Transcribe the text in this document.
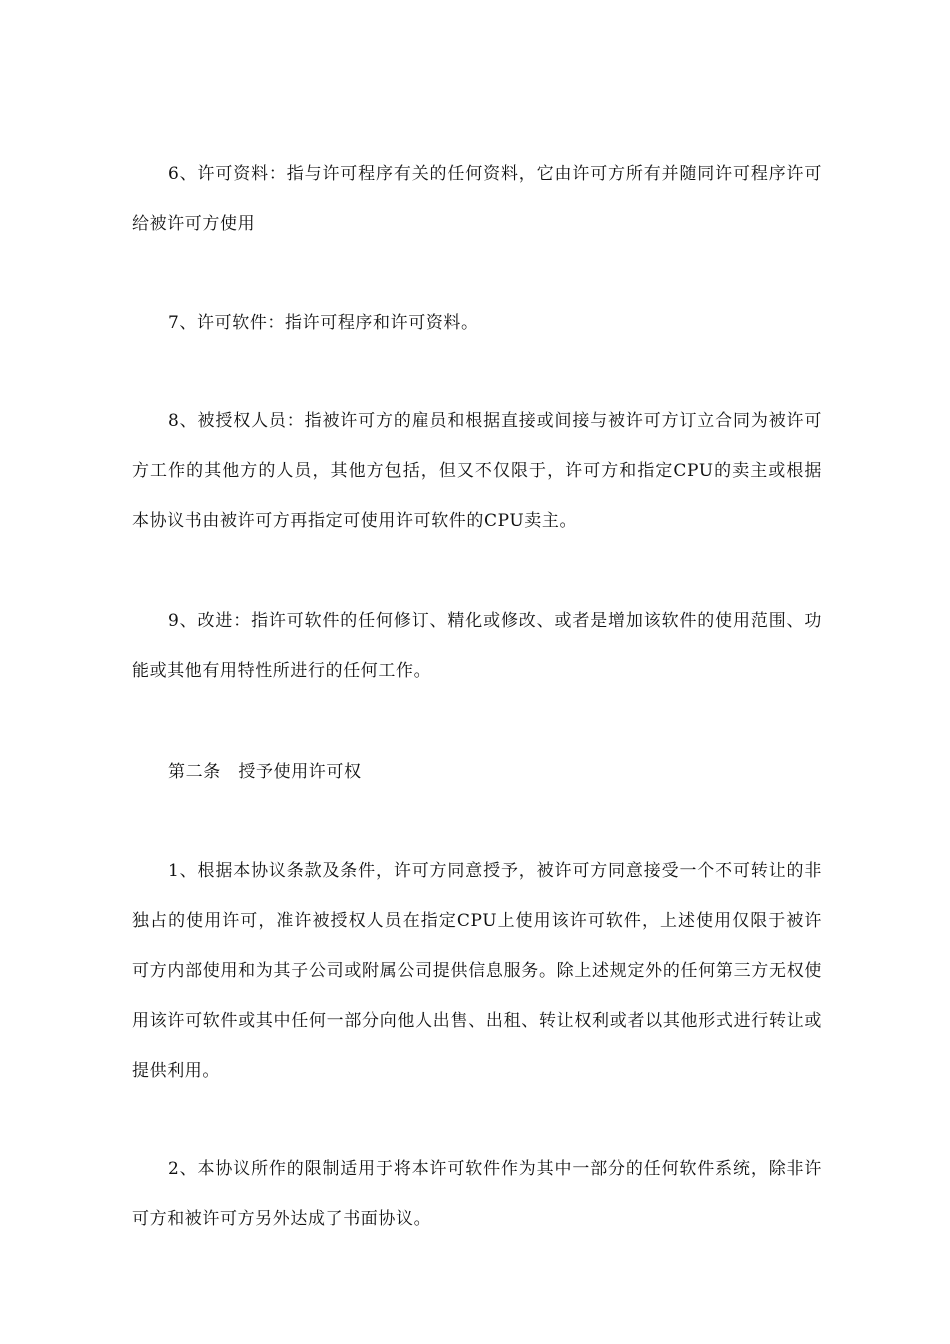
6、许可资料：指与许可程序有关的任何资料，它由许可方所有并随同许可程序许可给被许可方使用

7、许可软件：指许可程序和许可资料。

8、被授权人员：指被许可方的雇员和根据直接或间接与被许可方订立合同为被许可方工作的其他方的人员，其他方包括，但又不仅限于，许可方和指定CPU的卖主或根据本协议书由被许可方再指定可使用许可软件的CPU卖主。

9、改进：指许可软件的任何修订、精化或修改、或者是增加该软件的使用范围、功能或其他有用特性所进行的任何工作。

第二条　授予使用许可权

1、根据本协议条款及条件，许可方同意授予，被许可方同意接受一个不可转让的非独占的使用许可，准许被授权人员在指定CPU上使用该许可软件，上述使用仅限于被许可方内部使用和为其子公司或附属公司提供信息服务。除上述规定外的任何第三方无权使用该许可软件或其中任何一部分向他人出售、出租、转让权利或者以其他形式进行转让或提供利用。

2、本协议所作的限制适用于将本许可软件作为其中一部分的任何软件系统，除非许可方和被许可方另外达成了书面协议。
